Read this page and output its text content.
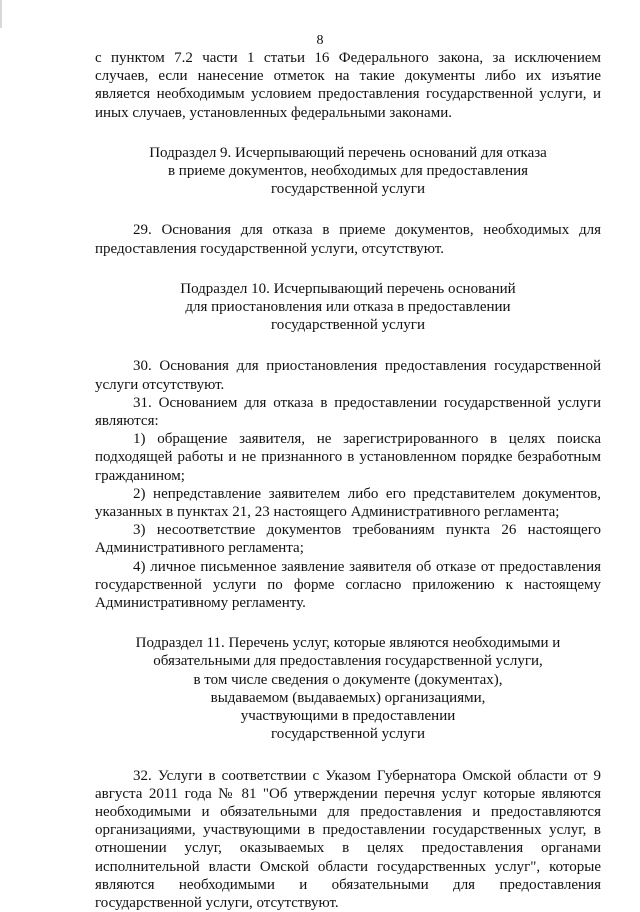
8

с пунктом 7.2 части 1 статьи 16 Федерального закона, за исключением случаев, если нанесение отметок на такие документы либо их изъятие является необходимым условием предоставления государственной услуги, и иных случаев, установленных федеральными законами.

Подраздел 9. Исчерпывающий перечень оснований для отказа
в приеме документов, необходимых для предоставления
государственной услуги

29. Основания для отказа в приеме документов, необходимых для предоставления государственной услуги, отсутствуют.

Подраздел 10. Исчерпывающий перечень оснований
для приостановления или отказа в предоставлении
государственной услуги

30. Основания для приостановления предоставления государственной услуги отсутствуют.

31. Основанием для отказа в предоставлении государственной услуги являются:

1) обращение заявителя, не зарегистрированного в целях поиска подходящей работы и не признанного в установленном порядке безработным гражданином;

2) непредставление заявителем либо его представителем документов, указанных в пунктах 21, 23 настоящего Административного регламента;

3) несоответствие документов требованиям пункта 26 настоящего Административного регламента;

4) личное письменное заявление заявителя об отказе от предоставления государственной услуги по форме согласно приложению к настоящему Административному регламенту.

Подраздел 11. Перечень услуг, которые являются необходимыми и
обязательными для предоставления государственной услуги,
в том числе сведения о документе (документах),
выдаваемом (выдаваемых) организациями,
участвующими в предоставлении
государственной услуги

32. Услуги в соответствии с Указом Губернатора Омской области от 9 августа 2011 года № 81 "Об утверждении перечня услуг которые являются необходимыми и обязательными для предоставления и предоставляются организациями, участвующими в предоставлении государственных услуг, в отношении услуг, оказываемых в целях предоставления органами исполнительной власти Омской области государственных услуг", которые являются необходимыми и обязательными для предоставления государственной услуги, отсутствуют.
